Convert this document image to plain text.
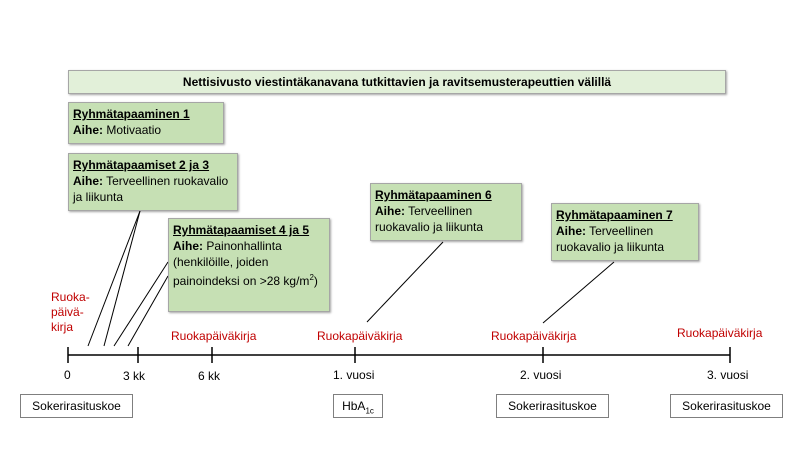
Nettisivusto viestintäkanavana tutkittavien ja ravitsemusterapeuttien välillä
Ryhmätapaaminen 1
Aihe: Motivaatio
Ryhmätapaamiset 2 ja 3
Aihe: Terveellinen ruokavalio ja liikunta
Ryhmätapaamiset 4 ja 5
Aihe: Painonhallinta (henkilöille, joiden painoindeksi on >28 $kg/m^2$)
Ryhmätapaaminen 6
Aihe: Terveellinen ruokavalio ja liikunta
Ryhmätapaaminen 7
Aihe: Terveellinen ruokavalio ja liikunta
Ruoka-
päivä-
kirja
Ruokapäiväkirja	Ruokapäiväkirja	Ruokapäiväkirja	Ruokapäiväkirja
0	3 kk	6 kk	1. vuosi	2. vuosi	3. vuosi
Sokerirasituskoe	HbA$_{1c}$	Sokerirasituskoe	Sokerirasituskoe
